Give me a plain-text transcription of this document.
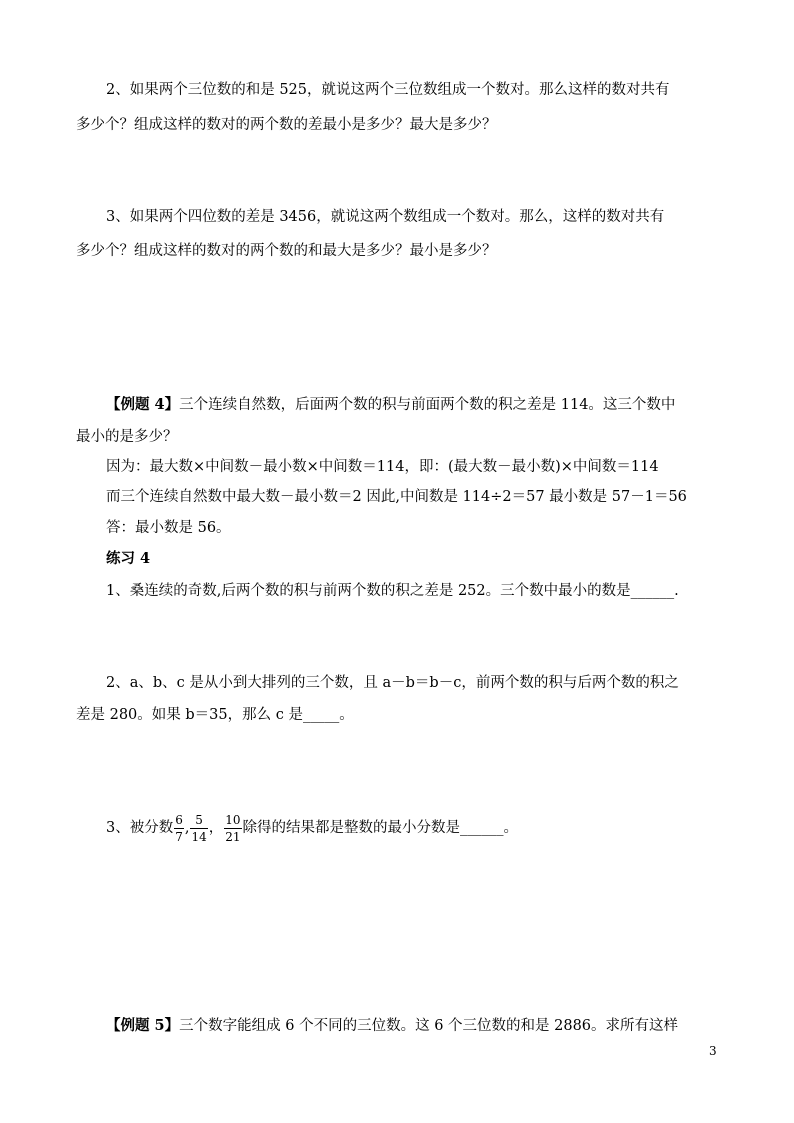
2、如果两个三位数的和是 525，就说这两个三位数组成一个数对。那么这样的数对共有
多少个？组成这样的数对的两个数的差最小是多少？最大是多少？
3、如果两个四位数的差是 3456，就说这两个数组成一个数对。那么，这样的数对共有
多少个？组成这样的数对的两个数的和最大是多少？最小是多少？
【例题 4】三个连续自然数，后面两个数的积与前面两个数的积之差是 114。这三个数中
最小的是多少？
因为：最大数×中间数－最小数×中间数＝114，即：(最大数－最小数)×中间数＝114
而三个连续自然数中最大数－最小数＝2 因此,中间数是 114÷2＝57 最小数是 57－1＝56
答：最小数是 56。
练习 4
1、桑连续的奇数,后两个数的积与前两个数的积之差是 252。三个数中最小的数是______.
2、a、b、c 是从小到大排列的三个数，且 a－b＝b－c，前两个数的积与后两个数的积之
差是 280。如果 b＝35，那么 c 是_____。
3、被分数 $\frac{6}{7}$ , $\frac{5}{14}$ ， $\frac{10}{21}$ 除得的结果都是整数的最小分数是______。
【例题 5】三个数字能组成 6 个不同的三位数。这 6 个三位数的和是 2886。求所有这样
3
